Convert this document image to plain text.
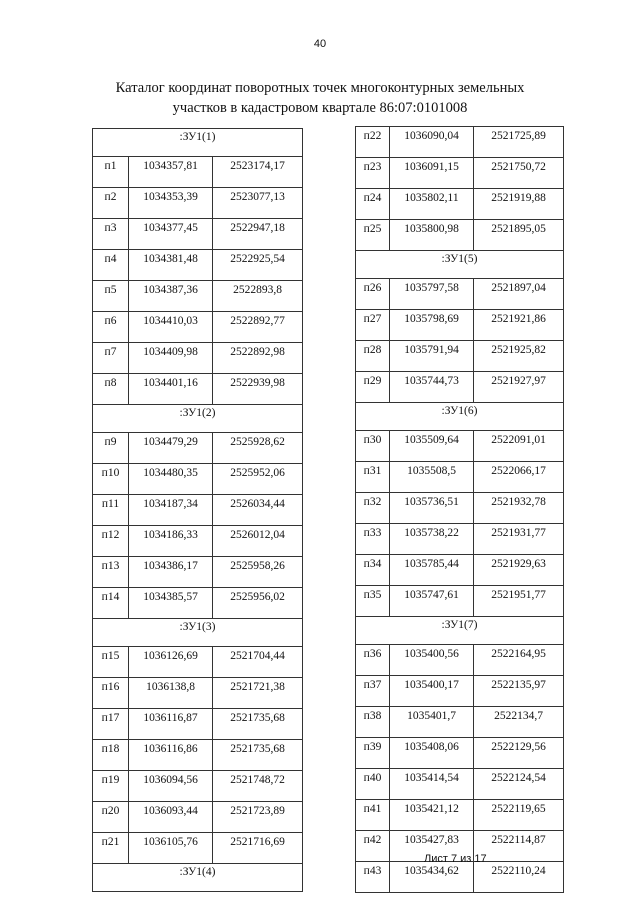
40
Каталог координат поворотных точек многоконтурных земельных
участков в кадастровом квартале 86:07:0101008
:ЗУ1(1)		
п1	1034357,81	2523174,17
п2	1034353,39	2523077,13
п3	1034377,45	2522947,18
п4	1034381,48	2522925,54
п5	1034387,36	2522893,8
п6	1034410,03	2522892,77
п7	1034409,98	2522892,98
п8	1034401,16	2522939,98
:ЗУ1(2)		
п9	1034479,29	2525928,62
п10	1034480,35	2525952,06
п11	1034187,34	2526034,44
п12	1034186,33	2526012,04
п13	1034386,17	2525958,26
п14	1034385,57	2525956,02
:ЗУ1(3)		
п15	1036126,69	2521704,44
п16	1036138,8	2521721,38
п17	1036116,87	2521735,68
п18	1036116,86	2521735,68
п19	1036094,56	2521748,72
п20	1036093,44	2521723,89
п21	1036105,76	2521716,69
:ЗУ1(4)		
п22	1036090,04	2521725,89
п23	1036091,15	2521750,72
п24	1035802,11	2521919,88
п25	1035800,98	2521895,05
:ЗУ1(5)		
п26	1035797,58	2521897,04
п27	1035798,69	2521921,86
п28	1035791,94	2521925,82
п29	1035744,73	2521927,97
:ЗУ1(6)		
п30	1035509,64	2522091,01
п31	1035508,5	2522066,17
п32	1035736,51	2521932,78
п33	1035738,22	2521931,77
п34	1035785,44	2521929,63
п35	1035747,61	2521951,77
:ЗУ1(7)		
п36	1035400,56	2522164,95
п37	1035400,17	2522135,97
п38	1035401,7	2522134,7
п39	1035408,06	2522129,56
п40	1035414,54	2522124,54
п41	1035421,12	2522119,65
п42	1035427,83	2522114,87
п43	1035434,62	2522110,24
Лист 7 из 17
